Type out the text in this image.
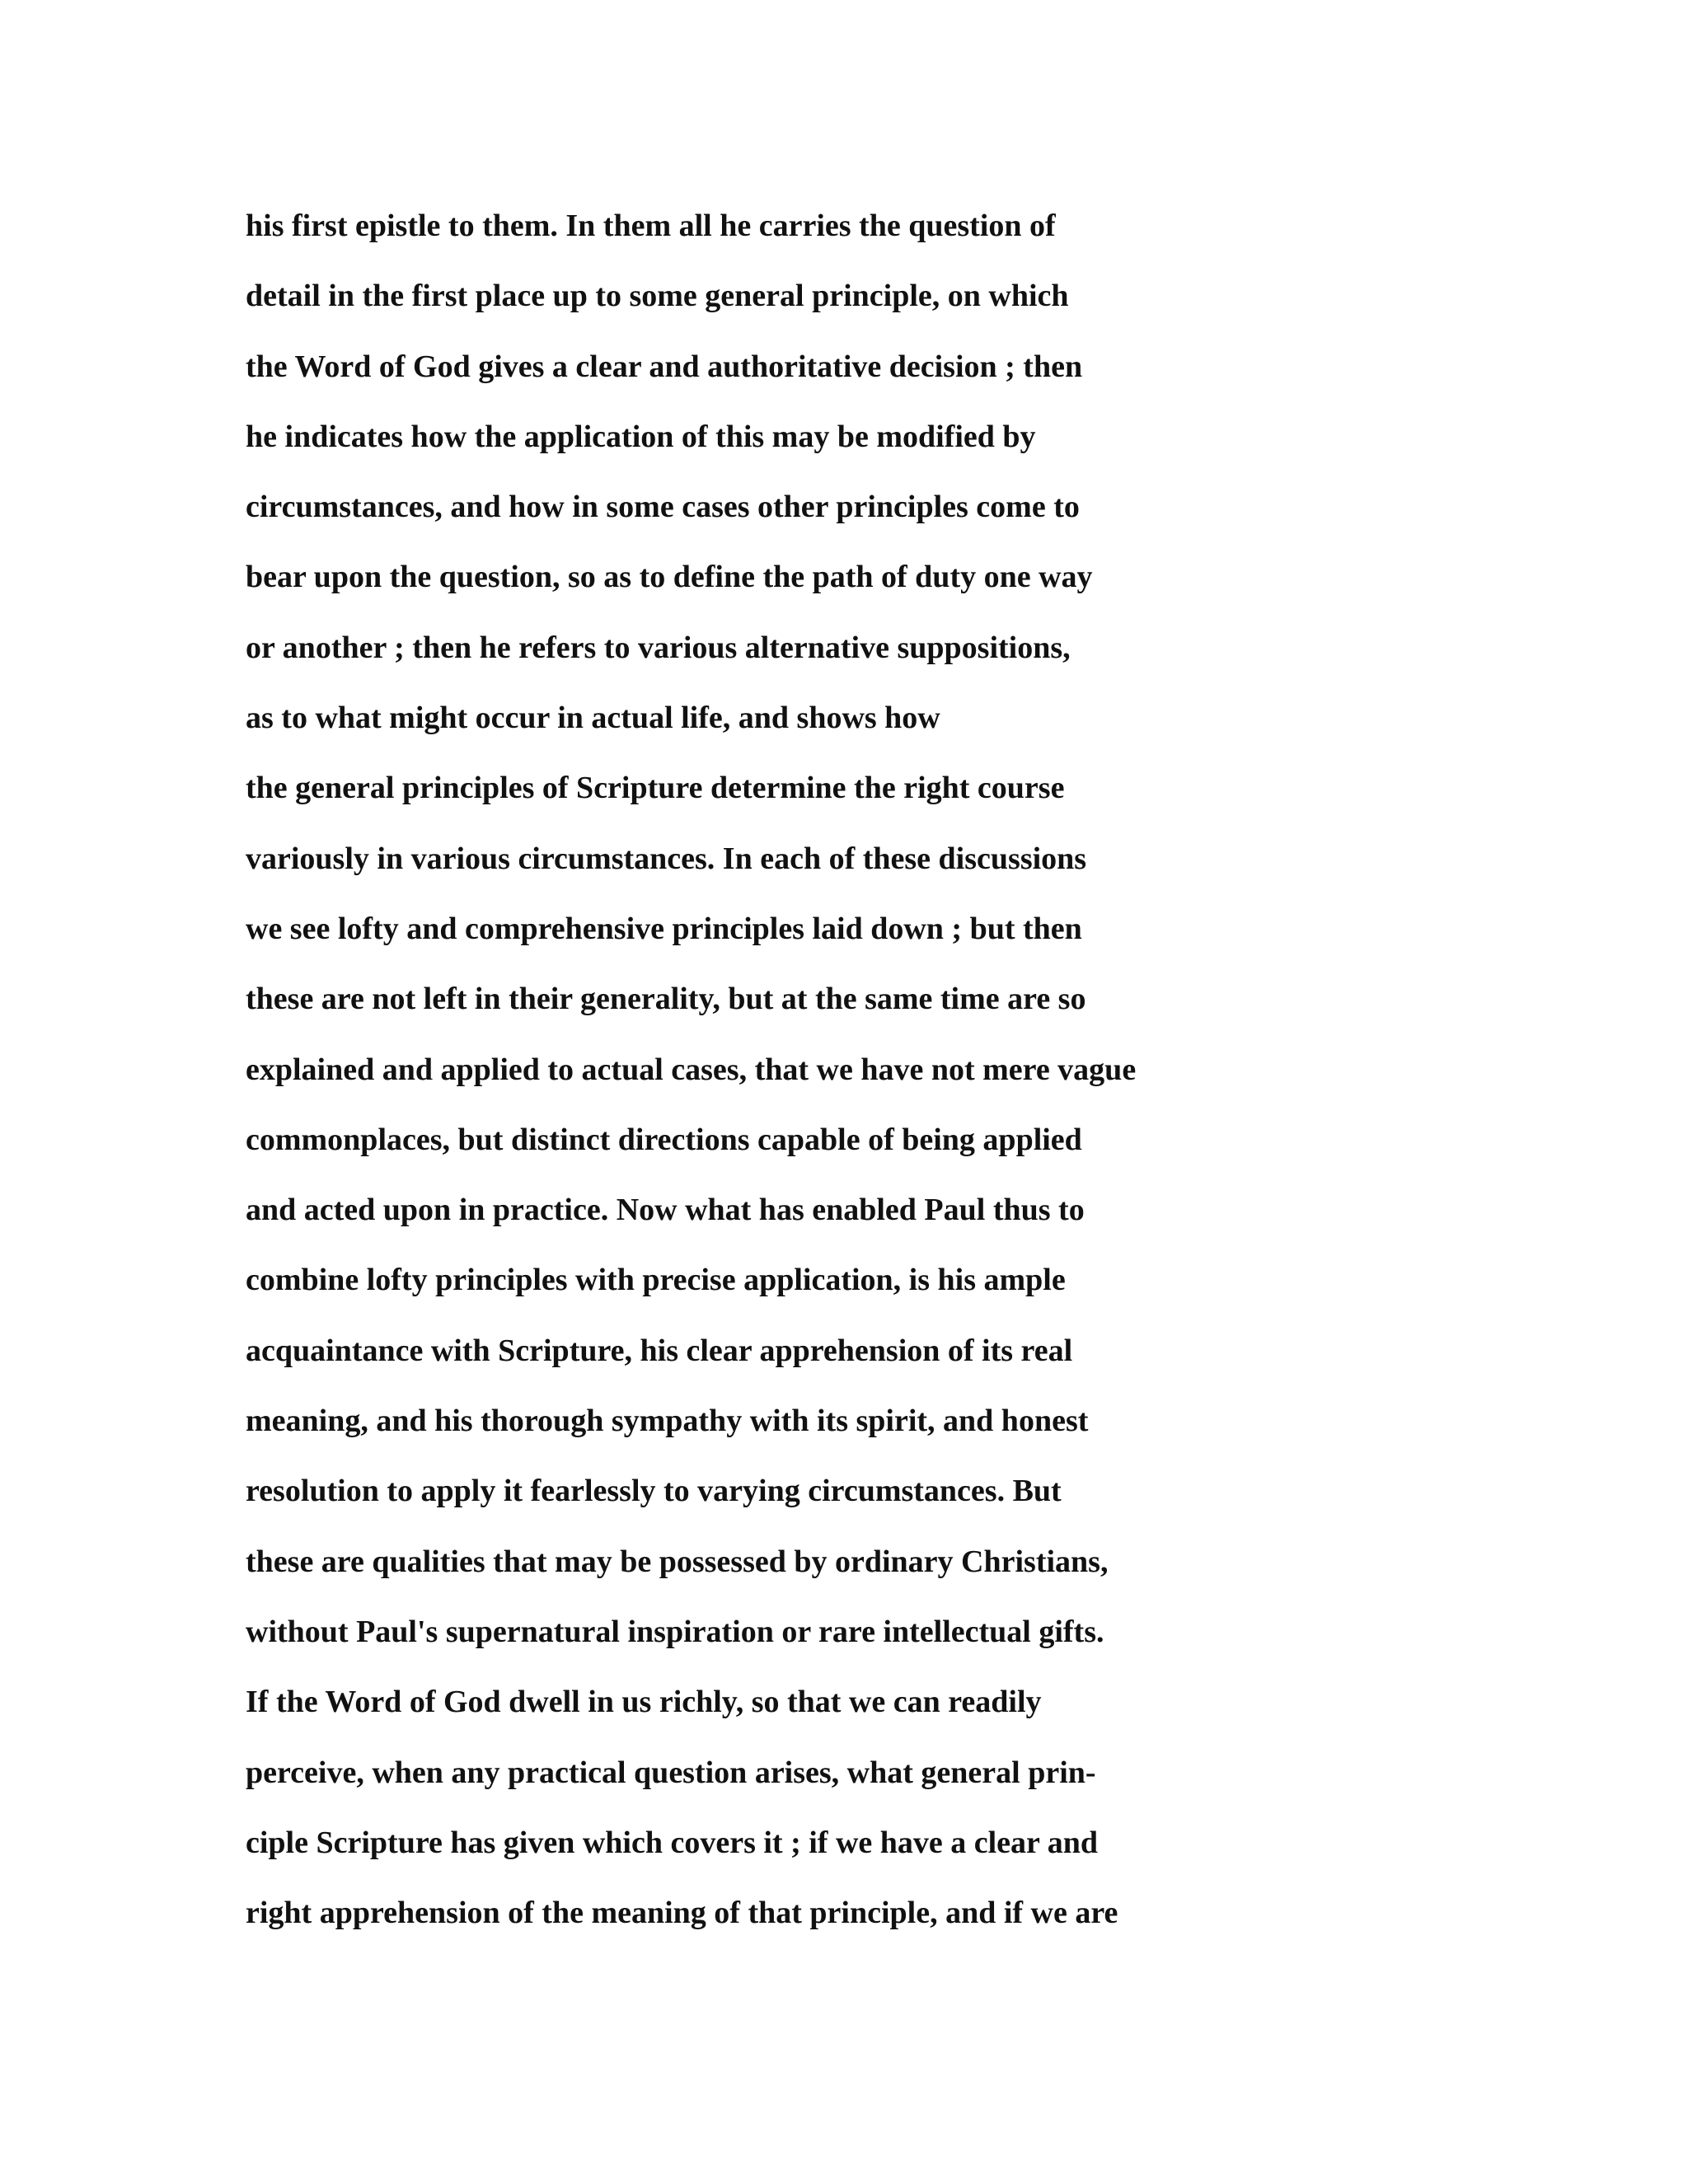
his first epistle to them. In them all he carries the question of
detail in the first place up to some general principle, on which
the Word of God gives a clear and authoritative decision ; then
he indicates how the application of this may be modified by
circumstances, and how in some cases other principles come to
bear upon the question, so as to define the path of duty one way
or another ; then he refers to various alternative suppositions,
as to what might occur in actual life, and shows how
the general principles of Scripture determine the right course
variously in various circumstances. In each of these discussions
we see lofty and comprehensive principles laid down ; but then
these are not left in their generality, but at the same time are so
explained and applied to actual cases, that we have not mere vague
commonplaces, but distinct directions capable of being applied
and acted upon in practice. Now what has enabled Paul thus to
combine lofty principles with precise application, is his ample
acquaintance with Scripture, his clear apprehension of its real
meaning, and his thorough sympathy with its spirit, and honest
resolution to apply it fearlessly to varying circumstances. But
these are qualities that may be possessed by ordinary Christians,
without Paul's supernatural inspiration or rare intellectual gifts.
If the Word of God dwell in us richly, so that we can readily
perceive, when any practical question arises, what general prin-
ciple Scripture has given which covers it ; if we have a clear and
right apprehension of the meaning of that principle, and if we are
